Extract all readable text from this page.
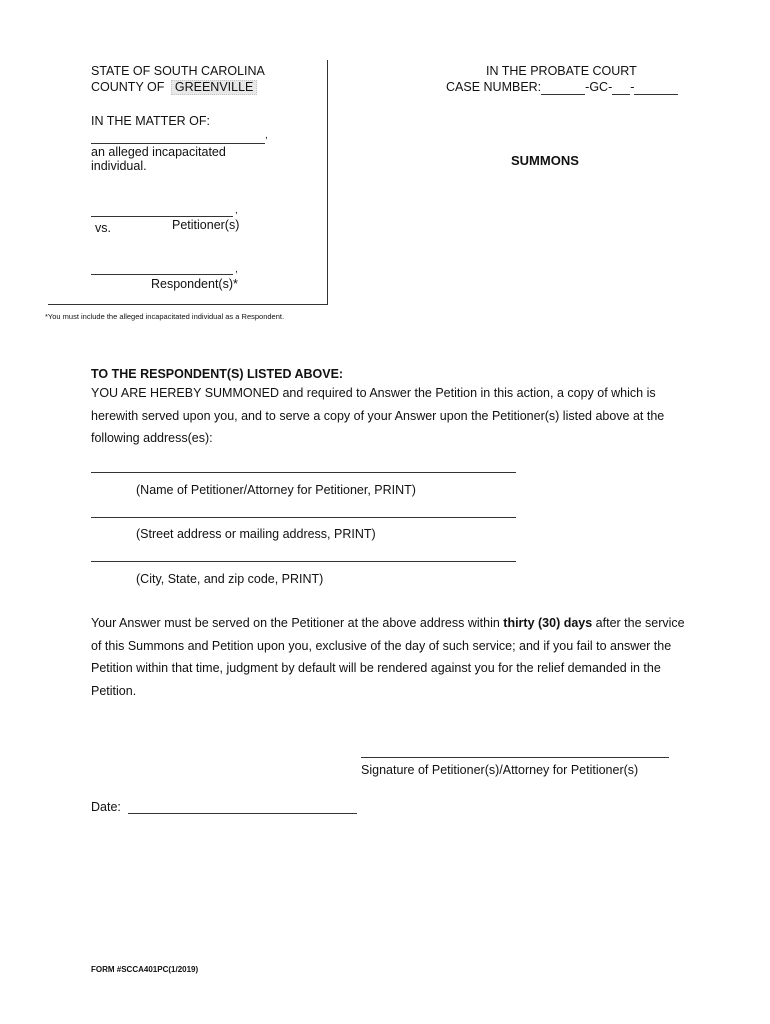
STATE OF SOUTH CAROLINA
COUNTY OF GREENVILLE
IN THE MATTER OF:
,
an alleged incapacitated
individual.
,
vs.	Petitioner(s)
,
Respondent(s)*
*You must include the alleged incapacitated individual as a Respondent.
IN THE PROBATE COURT
CASE NUMBER:	-GC- -
SUMMONS
TO THE RESPONDENT(S) LISTED ABOVE:
YOU ARE HEREBY SUMMONED and required to Answer the Petition in this action, a copy of which is herewith served upon you, and to serve a copy of your Answer upon the Petitioner(s) listed above at the following address(es):
(Name of Petitioner/Attorney for Petitioner, PRINT)
(Street address or mailing address, PRINT)
(City, State, and zip code, PRINT)
Your Answer must be served on the Petitioner at the above address within thirty (30) days after the service of this Summons and Petition upon you, exclusive of the day of such service; and if you fail to answer the Petition within that time, judgment by default will be rendered against you for the relief demanded in the Petition.
Signature of Petitioner(s)/Attorney for Petitioner(s)
Date:
FORM #SCCA401PC(1/2019)
